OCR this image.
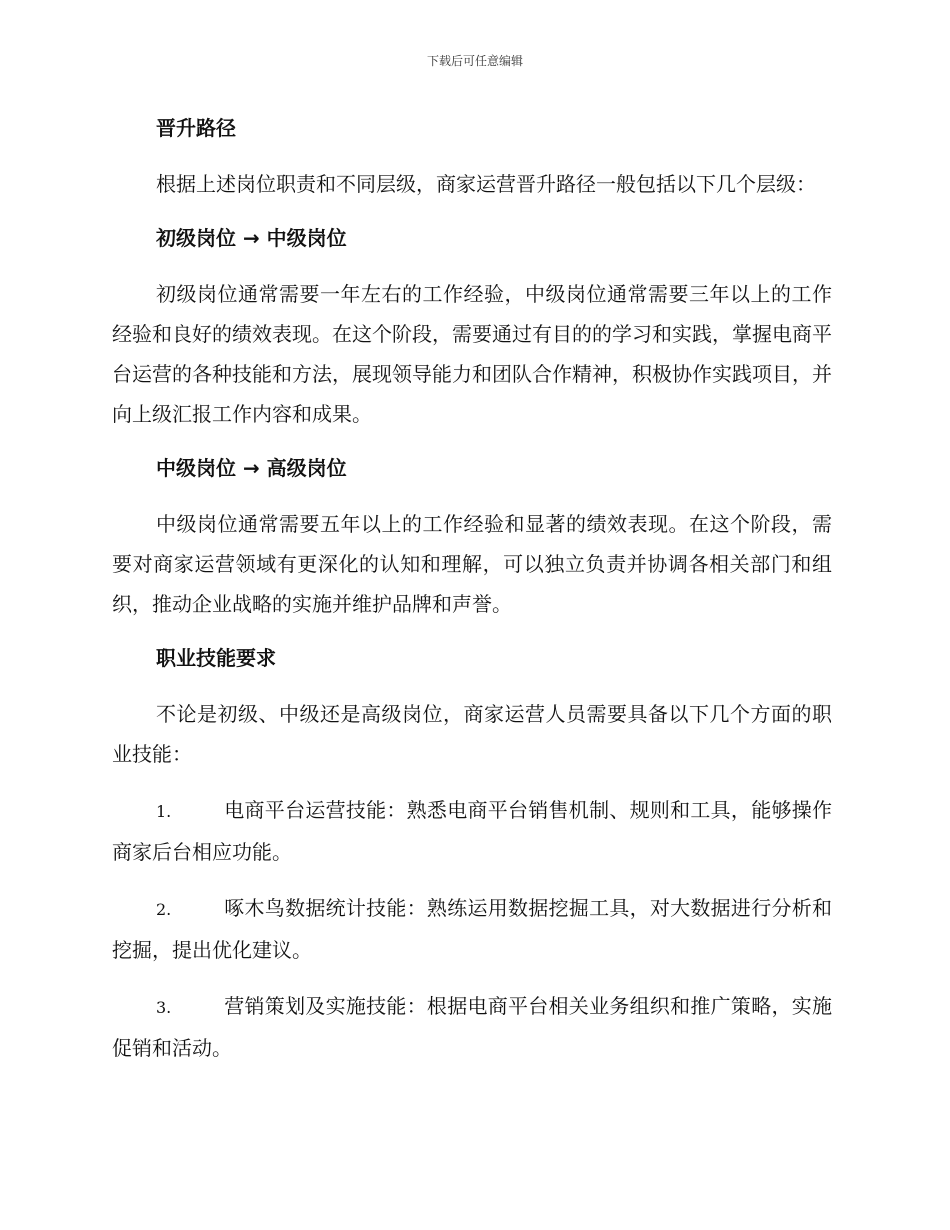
下载后可任意编辑

晋升路径

根据上述岗位职责和不同层级，商家运营晋升路径一般包括以下几个层级：

初级岗位 → 中级岗位

初级岗位通常需要一年左右的工作经验，中级岗位通常需要三年以上的工作经验和良好的绩效表现。在这个阶段，需要通过有目的的学习和实践，掌握电商平台运营的各种技能和方法，展现领导能力和团队合作精神，积极协作实践项目，并向上级汇报工作内容和成果。

中级岗位 → 高级岗位

中级岗位通常需要五年以上的工作经验和显著的绩效表现。在这个阶段，需要对商家运营领域有更深化的认知和理解，可以独立负责并协调各相关部门和组织，推动企业战略的实施并维护品牌和声誉。

职业技能要求

不论是初级、中级还是高级岗位，商家运营人员需要具备以下几个方面的职业技能：

1.	电商平台运营技能：熟悉电商平台销售机制、规则和工具，能够操作商家后台相应功能。

2.	啄木鸟数据统计技能：熟练运用数据挖掘工具，对大数据进行分析和挖掘，提出优化建议。

3.	营销策划及实施技能：根据电商平台相关业务组织和推广策略，实施促销和活动。
